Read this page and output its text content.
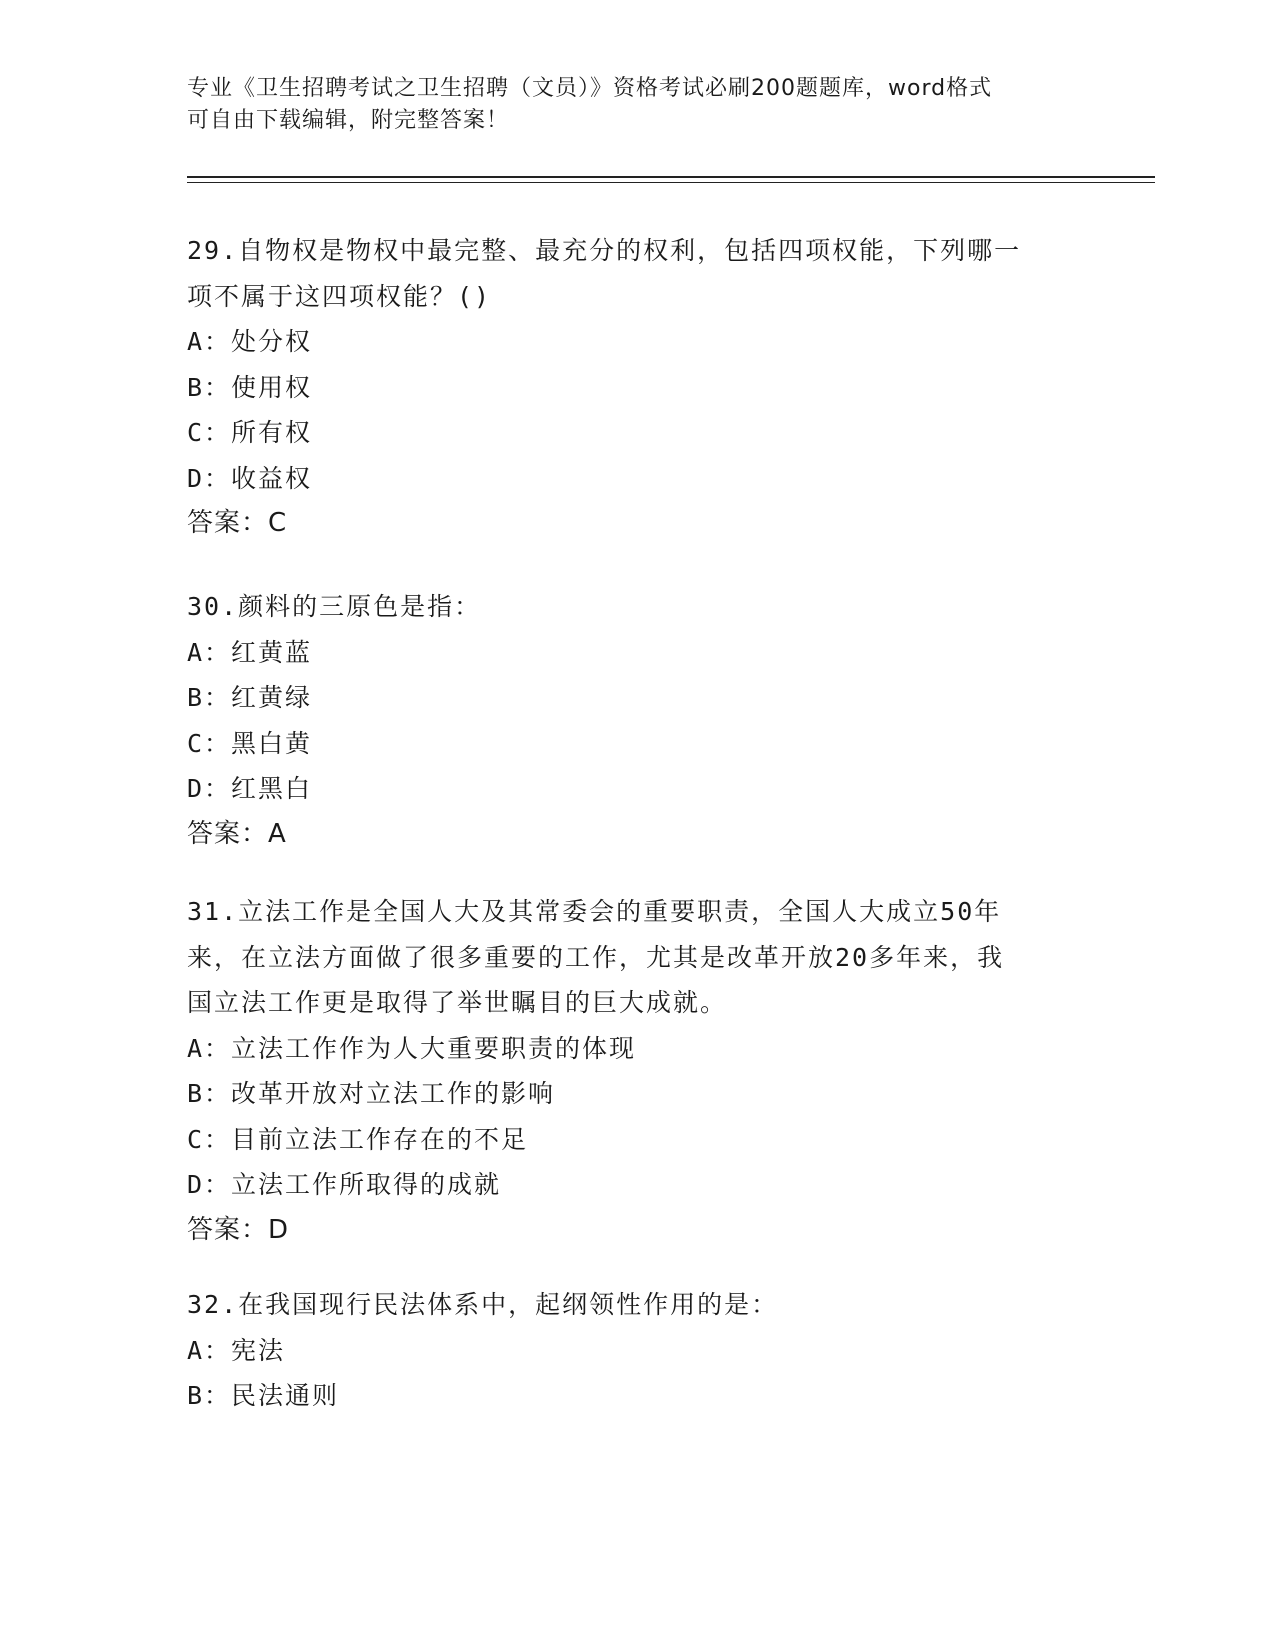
专业《卫生招聘考试之卫生招聘（文员）》资格考试必刷200题题库，word格式
可自由下载编辑，附完整答案！
29.自物权是物权中最完整、最充分的权利，包括四项权能，下列哪一
项不属于这四项权能？()
A：处分权
B：使用权
C：所有权
D：收益权
答案：C
30.颜料的三原色是指：
A：红黄蓝
B：红黄绿
C：黑白黄
D：红黑白
答案：A
31.立法工作是全国人大及其常委会的重要职责，全国人大成立50年
来，在立法方面做了很多重要的工作，尤其是改革开放20多年来，我
国立法工作更是取得了举世瞩目的巨大成就。
A：立法工作作为人大重要职责的体现
B：改革开放对立法工作的影响
C：目前立法工作存在的不足
D：立法工作所取得的成就
答案：D
32.在我国现行民法体系中，起纲领性作用的是：
A：宪法
B：民法通则
